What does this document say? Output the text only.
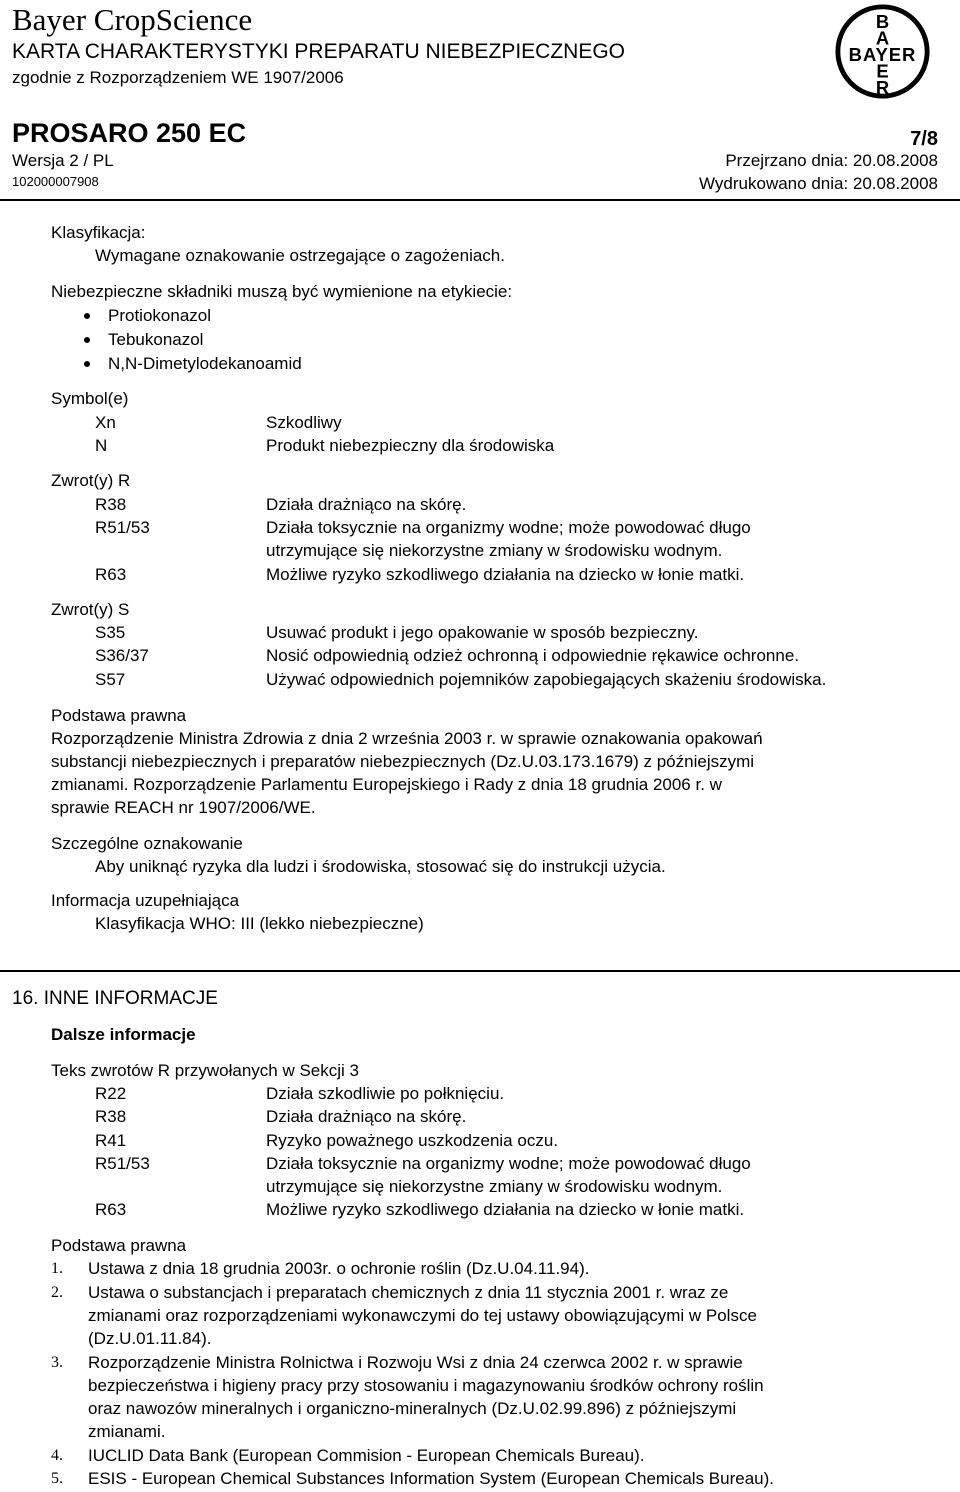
Bayer CropScience
KARTA CHARAKTERYSTYKI PREPARATU NIEBEZPIECZNEGO
zgodnie z Rozporządzeniem WE 1907/2006
B
A
BAYER
E
R
PROSARO 250 EC	7/8
Wersja 2 / PL	Przejrzano dnia: 20.08.2008
102000007908	Wydrukowano dnia: 20.08.2008
Klasyfikacja:
Wymagane oznakowanie ostrzegające o zagożeniach.
Niebezpieczne składniki muszą być wymienione na etykiecie:
Protiokonazol
Tebukonazol
N,N-Dimetylodekanoamid
Symbol(e)
Xn	Szkodliwy
N	Produkt niebezpieczny dla środowiska
Zwrot(y) R
R38	Działa drażniąco na skórę.
R51/53	Działa toksycznie na organizmy wodne; może powodować długo
utrzymujące się niekorzystne zmiany w środowisku wodnym.
R63	Możliwe ryzyko szkodliwego działania na dziecko w łonie matki.
Zwrot(y) S
S35	Usuwać produkt i jego opakowanie w sposób bezpieczny.
S36/37	Nosić odpowiednią odzież ochronną i odpowiednie rękawice ochronne.
S57	Używać odpowiednich pojemników zapobiegających skażeniu środowiska.
Podstawa prawna
Rozporządzenie Ministra Zdrowia z dnia 2 września 2003 r. w sprawie oznakowania opakowań
substancji niebezpiecznych i preparatów niebezpiecznych (Dz.U.03.173.1679) z późniejszymi
zmianami. Rozporządzenie Parlamentu Europejskiego i Rady z dnia 18 grudnia 2006 r. w
sprawie REACH nr 1907/2006/WE.
Szczególne oznakowanie
Aby uniknąć ryzyka dla ludzi i środowiska, stosować się do instrukcji użycia.
Informacja uzupełniająca
Klasyfikacja WHO: III (lekko niebezpieczne)
16. INNE INFORMACJE
Dalsze informacje
Teks zwrotów R przywołanych w Sekcji 3
R22	Działa szkodliwie po połknięciu.
R38	Działa drażniąco na skórę.
R41	Ryzyko poważnego uszkodzenia oczu.
R51/53	Działa toksycznie na organizmy wodne; może powodować długo
utrzymujące się niekorzystne zmiany w środowisku wodnym.
R63	Możliwe ryzyko szkodliwego działania na dziecko w łonie matki.
Podstawa prawna
1. Ustawa z dnia 18 grudnia 2003r. o ochronie roślin (Dz.U.04.11.94).
2. Ustawa o substancjach i preparatach chemicznych z dnia 11 stycznia 2001 r. wraz ze
zmianami oraz rozporządzeniami wykonawczymi do tej ustawy obowiązującymi w Polsce
(Dz.U.01.11.84).
3. Rozporządzenie Ministra Rolnictwa i Rozwoju Wsi z dnia 24 czerwca 2002 r. w sprawie
bezpieczeństwa i higieny pracy przy stosowaniu i magazynowaniu środków ochrony roślin
oraz nawozów mineralnych i organiczno-mineralnych (Dz.U.02.99.896) z późniejszymi
zmianami.
4. IUCLID Data Bank (European Commision - European Chemicals Bureau).
5. ESIS - European Chemical Substances Information System (European Chemicals Bureau).
